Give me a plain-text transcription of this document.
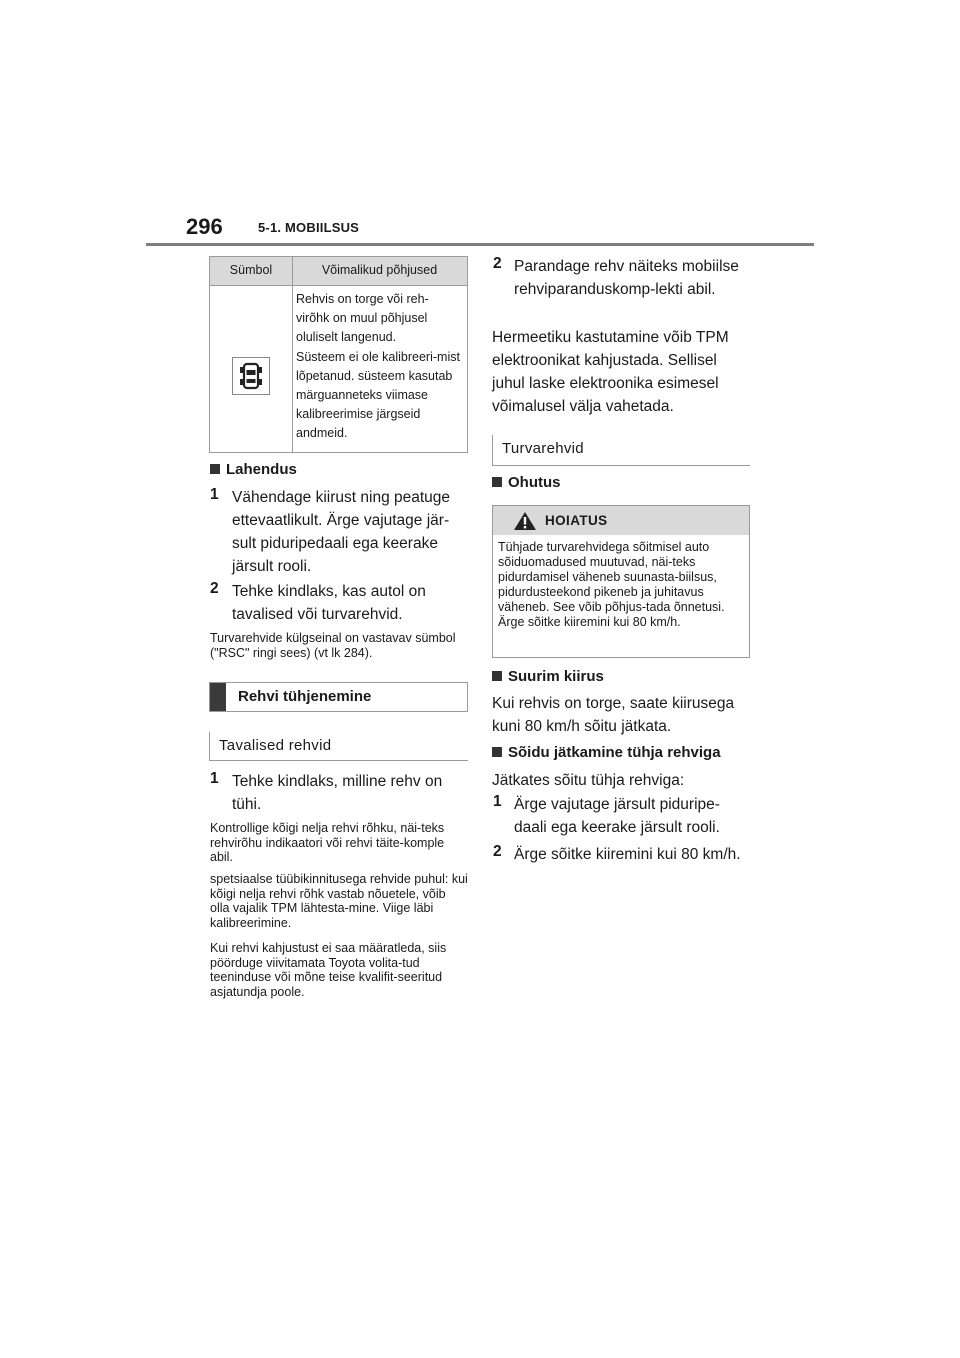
296	5-1. MOBIILSUS
Sümbol	Võimalikud põhjused
Rehvis on torge või reh-virõhk on muul põhjusel oluliselt langenud.
Süsteem ei ole kalibreeri-mist lõpetanud. süsteem kasutab märguanneteks viimase kalibreerimise järgseid andmeid.
Lahendus
1 Vähendage kiirust ning peatuge ettevaatlikult. Ärge vajutage jär-sult piduripedaali ega keerake järsult rooli.
2 Tehke kindlaks, kas autol on tavalised või turvarehvid.
Turvarehvide külgseinal on vastavav sümbol ("RSC" ringi sees) (vt lk 284).
Rehvi tühjenemine
Tavalised rehvid
1 Tehke kindlaks, milline rehv on tühi.
Kontrollige kõigi nelja rehvi rõhku, näi-teks rehvirõhu indikaatori või rehvi täite-komple abil.
spetsiaalse tüübikinnitusega rehvide puhul: kui kõigi nelja rehvi rõhk vastab nõuetele, võib olla vajalik TPM lähtesta-mine. Viige läbi kalibreerimine.
Kui rehvi kahjustust ei saa määratleda, siis pöörduge viivitamata Toyota volita-tud teeninduse või mõne teise kvalifit-seeritud asjatundja poole.
2 Parandage rehv näiteks mobiilse rehviparanduskomp-lekti abil.
Hermeetiku kastutamine võib TPM elektroonikat kahjustada. Sellisel juhul laske elektroonika esimesel võimalusel välja vahetada.
Turvarehvid
Ohutus
HOIATUS
Tühjade turvarehvidega sõitmisel auto sõiduomadused muutuvad, näi-teks pidurdamisel väheneb suunasta-biilsus, pidurdusteekond pikeneb ja juhitavus väheneb. See võib põhjus-tada õnnetusi. Ärge sõitke kiiremini kui 80 km/h.
Suurim kiirus
Kui rehvis on torge, saate kiirusega kuni 80 km/h sõitu jätkata.
Sõidu jätkamine tühja rehviga
Jätkates sõitu tühja rehviga:
1 Ärge vajutage järsult piduripe-daali ega keerake järsult rooli.
2 Ärge sõitke kiiremini kui 80 km/h.
